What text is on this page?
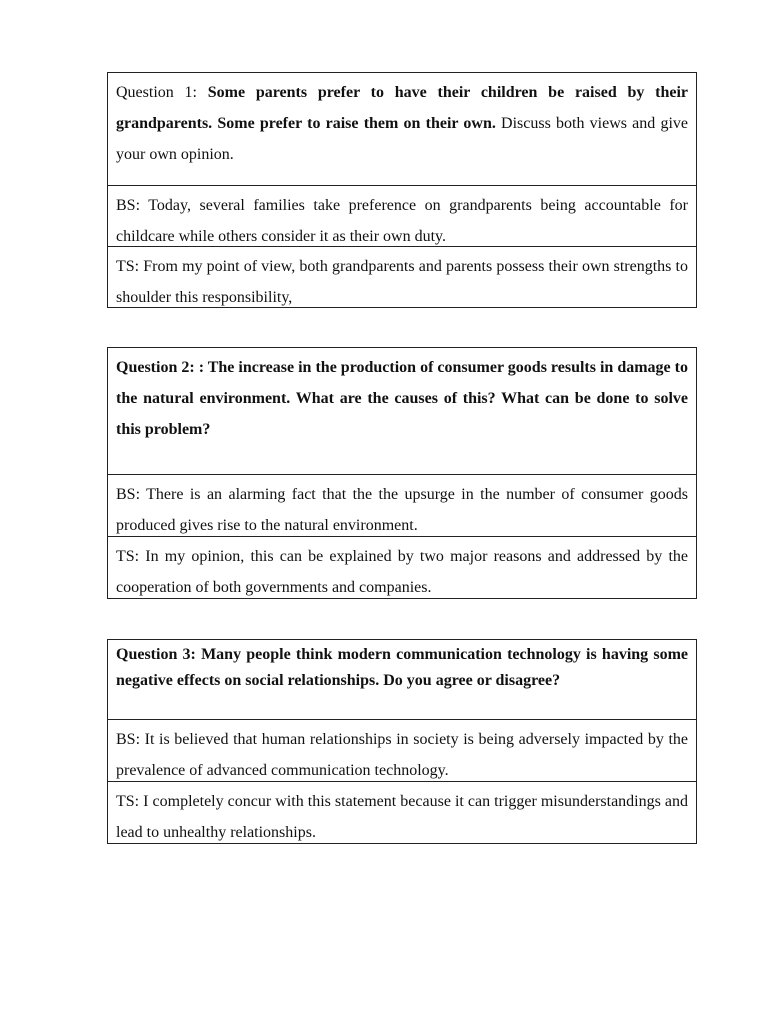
Question 1: Some parents prefer to have their children be raised by their grandparents. Some prefer to raise them on their own. Discuss both views and give your own opinion.
BS: Today, several families take preference on grandparents being accountable for childcare while others consider it as their own duty.
TS: From my point of view, both grandparents and parents possess their own strengths to shoulder this responsibility,
Question 2: : The increase in the production of consumer goods results in damage to the natural environment. What are the causes of this? What can be done to solve this problem?
BS: There is an alarming fact that the the upsurge in the number of consumer goods produced gives rise to the natural environment.
TS: In my opinion, this can be explained by two major reasons and addressed by the cooperation of both governments and companies.
Question 3: Many people think modern communication technology is having some negative effects on social relationships. Do you agree or disagree?
BS: It is believed that human relationships in society is being adversely impacted by the prevalence of advanced communication technology.
TS: I completely concur with this statement because it can trigger misunderstandings and lead to unhealthy relationships.
